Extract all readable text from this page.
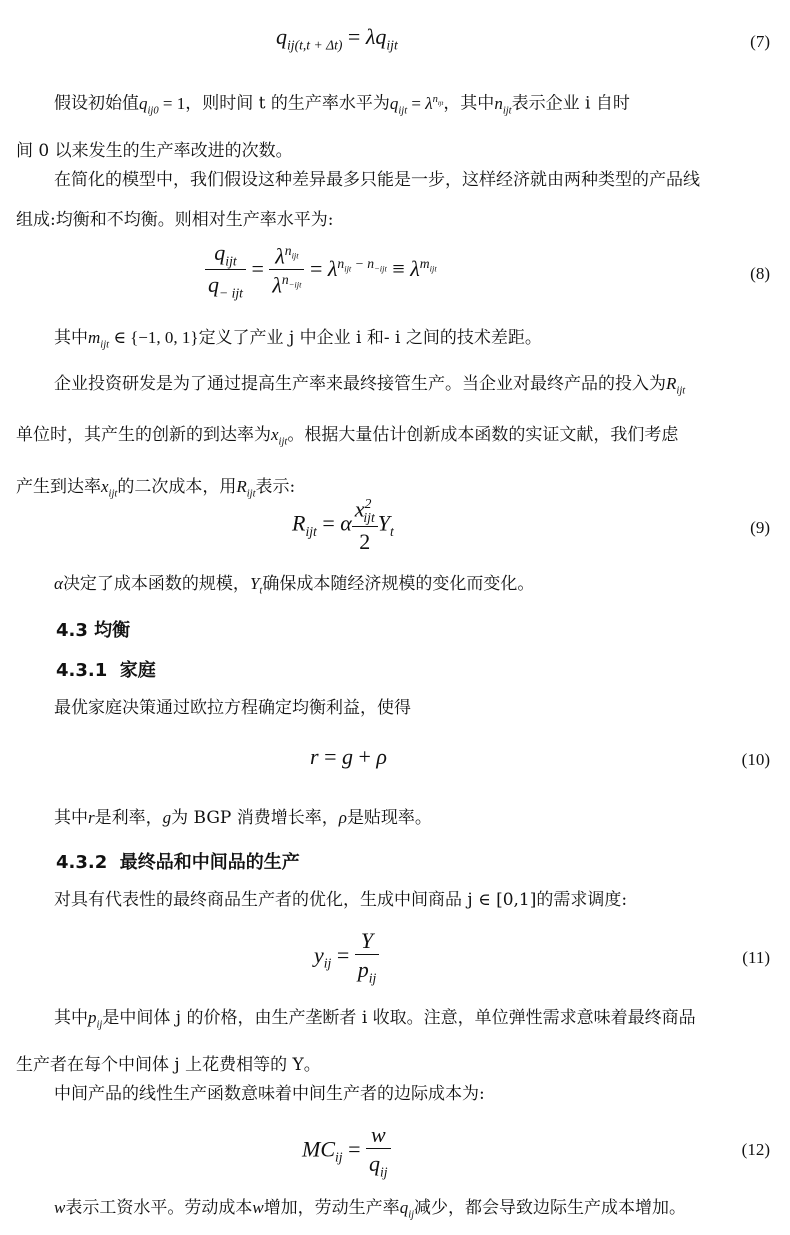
$q_{ij(t,t + \Delta t)} = \lambda q_{ijt}$	(7)
假设初始值$q_{ij0} = 1$，则时间 t 的生产率水平为$q_{ijt} = \lambda^{n_{ijt}}$，其中$n_{ijt}$表示企业 i 自时
间 0 以来发生的生产率改进的次数。
在简化的模型中，我们假设这种差异最多只能是一步，这样经济就由两种类型的产品线
组成:均衡和不均衡。则相对生产率水平为:
$\frac{q_{ijt}}{q_{- ijt}} = \frac{\lambda^{n_{ijt}}}{\lambda^{n_{-ijt}}} = \lambda^{n_{ijt} - n_{-ijt}} \equiv \lambda^{m_{ijt}}$	(8)
其中$m_{ijt}$ ∈ {−1, 0, 1}定义了产业 j 中企业 i 和- i 之间的技术差距。
企业投资研发是为了通过提高生产率来最终接管生产。当企业对最终产品的投入为$R_{ijt}$
单位时，其产生的创新的到达率为$x_{ijt}$。根据大量估计创新成本函数的实证文献，我们考虑
产生到达率$x_{ijt}$的二次成本，用$R_{ijt}$表示:
$R_{ijt} = \alpha \frac{x^2_{ijt}}{2} Y_t$	(9)
α决定了成本函数的规模，$Y_t$确保成本随经济规模的变化而变化。
4.3 均衡
4.3.1 家庭
最优家庭决策通过欧拉方程确定均衡利益，使得
r = g + ρ	(10)
其中r是利率，g为 BGP 消费增长率，ρ是贴现率。
4.3.2 最终品和中间品的生产
对具有代表性的最终商品生产者的优化，生成中间商品 j ∈ [0,1]的需求调度:
$y_{ij} = \frac{Y}{p_{ij}}$	(11)
其中$p_{ij}$是中间体 j 的价格，由生产垄断者 i 收取。注意，单位弹性需求意味着最终商品
生产者在每个中间体 j 上花费相等的 Y。
中间产品的线性生产函数意味着中间生产者的边际成本为:
$MC_{ij} = \frac{w}{q_{ij}}$	(12)
w表示工资水平。劳动成本w增加，劳动生产率$q_{ij}$减少，都会导致边际生产成本增加。
